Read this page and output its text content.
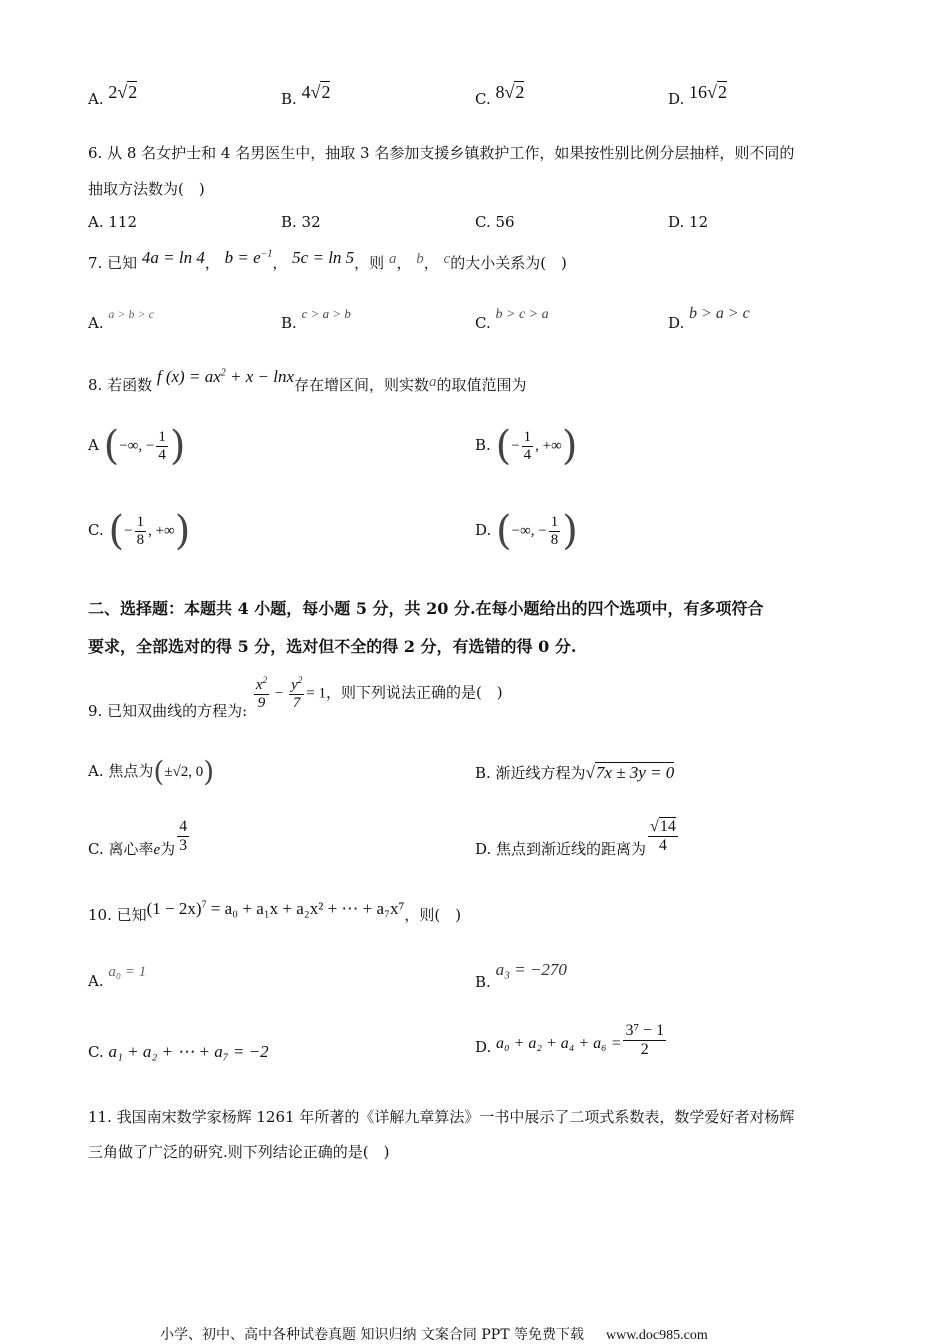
A. 2√2	B. 4√2	C. 8√2	D. 16√2
6. 从 8 名女护士和 4 名男医生中，抽取 3 名参加支援乡镇救护工作，如果按性别比例分层抽样，则不同的
抽取方法数为(　)
A. 112	B. 32	C. 56	D. 12
7. 已知 4a = ln 4， $b = e^{-1}$， 5c = ln 5，则 a， b， c的大小关系为(　)
A. $^{a > b > c}$	B. c > a > b
C. b > c > a	D. b > a > c
8. 若函数 f $(x) = ax^2 + x - \ln x$存在增区间，则实数a的取值范围为
A (−∞, − $\frac{1}{4}$ )	B. (− $\frac{1}{4}$ , +∞)
C. (− $\frac{1}{8}$ , +∞)	D. (−∞, − $\frac{1}{8}$ )
二、选择题：本题共 4 小题，每小题 5 分，共 20 分.在每小题给出的四个选项中，有多项符合
要求，全部选对的得 5 分，选对但不全的得 2 分，有选错的得 0 分.
9. 已知双曲线的方程为: $\frac{x^2}{9} - \frac{y^2}{7} = 1$，则下列说法正确的是(　)
A. 焦点为(±√2, 0)	B. 渐近线方程为√7x ± 3y = 0
C. 离心率e为 $\frac{4}{3}$	D. 焦点到渐近线的距离为 $\frac{√14}{4}$
10. 已知$(1 - 2x)^7 = a_0 + a_1x + a_2x^2$ + ⋯ + a₇x⁷，则(　)
A. a₀ = 1
B. a₃ = −270
C. a₁ + a₂ + ⋯ + a₇ = −2	D. $a_0 + a_2 + a_4 + a_6 = \frac{\text{3⁷ − 1}}{2}$
11. 我国南宋数学家杨辉 1261 年所著的《详解九章算法》一书中展示了二项式系数表，数学爱好者对杨辉
三角做了广泛的研究.则下列结论正确的是(　)
小学、初中、高中各种试卷真题 知识归纳 文案合同 PPT 等免费下载 www.doc985.com
